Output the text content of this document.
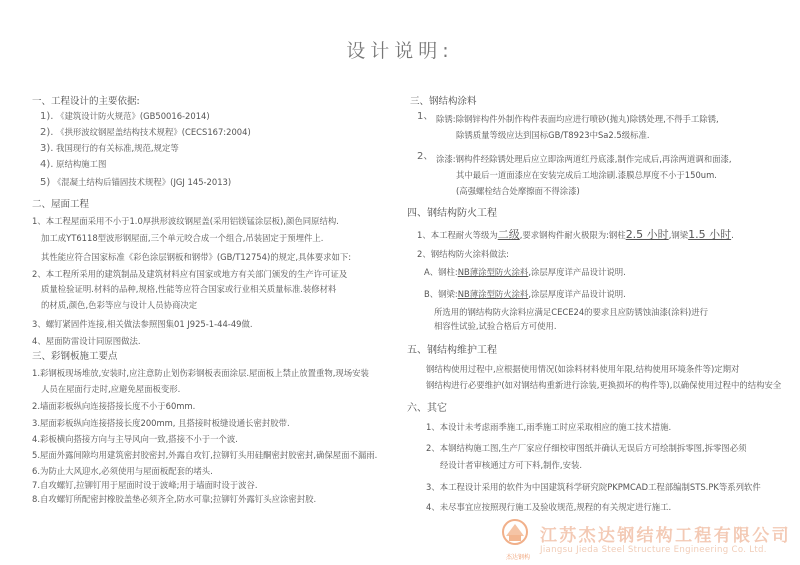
设计说明:
一、工程设计的主要依据:
1). 《建筑设计防火规范》(GB50016-2014)
2). 《拱形波纹钢屋盖结构技术规程》(CECS167:2004)
3). 我国现行的有关标准,规范,规定等
4). 原结构施工图
5) 《混凝土结构后锚固技术规程》(JGJ 145-2013)
二、屋面工程
1、本工程屋面采用不小于1.0厚拱形波纹钢屋盖(采用铝镁锰涂层板),颜色同原结构.
加工成YT6118型波形钢屋面,三个单元咬合成一个组合,吊装固定于预埋件上.
其性能应符合国家标准《彩色涂层钢板和钢带》(GB/T12754)的规定,具体要求如下:
2、本工程所采用的建筑制品及建筑材料应有国家或地方有关部门颁发的生产许可证及
质量检验证明.材料的品种,规格,性能等应符合国家或行业相关质量标准.装修材料
的材质,颜色,色彩等应与设计人员协商决定
3、螺钉紧固件连接,相关做法参照图集01 J925-1-44-49做.
4、屋面防雷设计同原图做法.
三、彩钢板施工要点
1.彩钢板现场堆放,安装时,应注意防止划伤彩钢板表面涂层.屋面板上禁止放置重物,现场安装
人员在屋面行走时,应避免屋面板变形.
2.墙面彩板纵向连接搭接长度不小于60mm.
3.屋面彩板纵向连接搭接长度200mm, 且搭接时板缝设通长密封胶带.
4.彩板横向搭接方向与主导风向一致,搭接不小于一个波.
5.屋面外露间隙均用建筑密封胶密封,外露自攻钉,拉铆钉头用硅酮密封胶密封,确保屋面不漏雨.
6.为防止大风迎水,必须使用与屋面板配套的堵头.
7.自攻螺钉,拉铆钉用于屋面时设于波峰;用于墙面时设于波谷.
8.自攻螺钉所配密封橡胶盖垫必须齐全,防水可靠;拉铆钉外露钉头应涂密封胶.
三、钢结构涂料
1、 除锈:除钢锌构件外制作构件表面均应进行喷砂(抛丸)除锈处理,不得手工除锈,
除锈质量等级应达到国标GB/T8923中Sa2.5级标准.
2、 涂漆:钢构件经除锈处理后应立即涂两道红丹底漆,制作完成后,再涂两道调和面漆,
其中最后一道面漆应在安装完成后工地涂刷.漆膜总厚度不小于150um.
(高强螺栓结合处摩擦面不得涂漆)
四、钢结构防火工程
1、本工程耐火等级为二级,要求钢构件耐火极限为:钢柱2.5 小时,钢梁1.5 小时.
2、钢结构防火涂料做法:
A、钢柱:NB薄涂型防火涂料,涂层厚度详产品设计说明.
B、钢梁:NB薄涂型防火涂料,涂层厚度详产品设计说明.
所选用的钢结构防火涂料应满足CECE24的要求且应防锈蚀油漆(涂料)进行
相容性试验,试验合格后方可使用.
五、钢结构维护工程
钢结构使用过程中,应根据使用情况(如涂料材料使用年限,结构使用环境条件等)定期对
钢结构进行必要维护(如对钢结构重新进行涂装,更换损坏的构件等),以确保使用过程中的结构安全
六、其它
1、本设计未考虑雨季施工,雨季施工时应采取相应的施工技术措施.
2、本钢结构施工图,生产厂家应仔细校审图纸并确认无误后方可绘制拆零图,拆零图必须
经设计者审核通过方可下料,制作,安装.
3、本工程设计采用的软件为中国建筑科学研究院PKPMCAD工程部编制STS.PK等系列软件
4、未尽事宜应按照现行施工及验收规范,规程的有关规定进行施工.
杰达钢构
江苏杰达钢结构工程有限公司
Jiangsu Jieda Steel Structure Engineering Co. Ltd.
